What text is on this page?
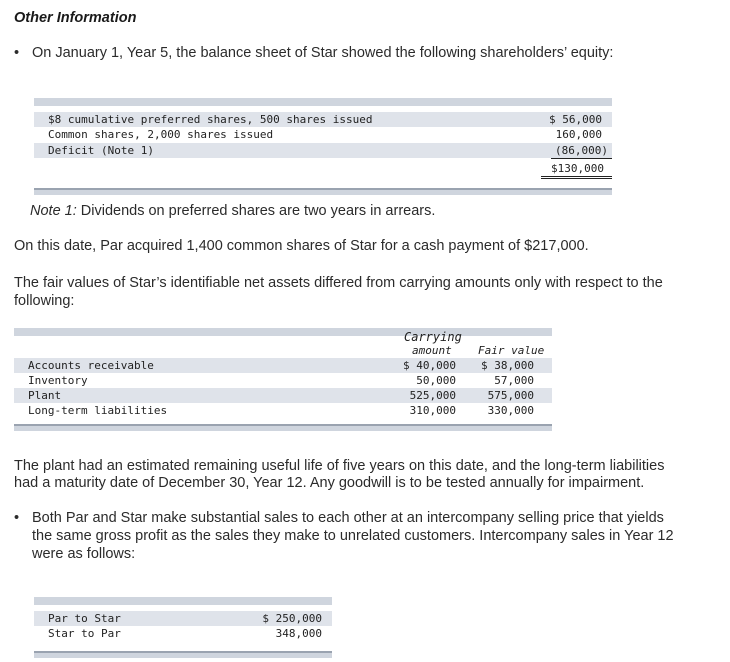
Other Information
• On January 1, Year 5, the balance sheet of Star showed the following shareholders’ equity:
$8 cumulative preferred shares, 500 shares issued	$ 56,000
Common shares, 2,000 shares issued	160,000
Deficit (Note 1)	(86,000)
$130,000
Note 1: Dividends on preferred shares are two years in arrears.
On this date, Par acquired 1,400 common shares of Star for a cash payment of $217,000.
The fair values of Star’s identifiable net assets differed from carrying amounts only with respect to the
following:
Carrying
amount Fair value
Accounts receivable	$ 40,000 $ 38,000
Inventory	50,000	57,000
Plant	525,000	575,000
Long-term liabilities	310,000	330,000
The plant had an estimated remaining useful life of five years on this date, and the long-term liabilities
had a maturity date of December 30, Year 12. Any goodwill is to be tested annually for impairment.
• Both Par and Star make substantial sales to each other at an intercompany selling price that yields
the same gross profit as the sales they make to unrelated customers. Intercompany sales in Year 12
were as follows:
Par to Star	$ 250,000
Star to Par	348,000
